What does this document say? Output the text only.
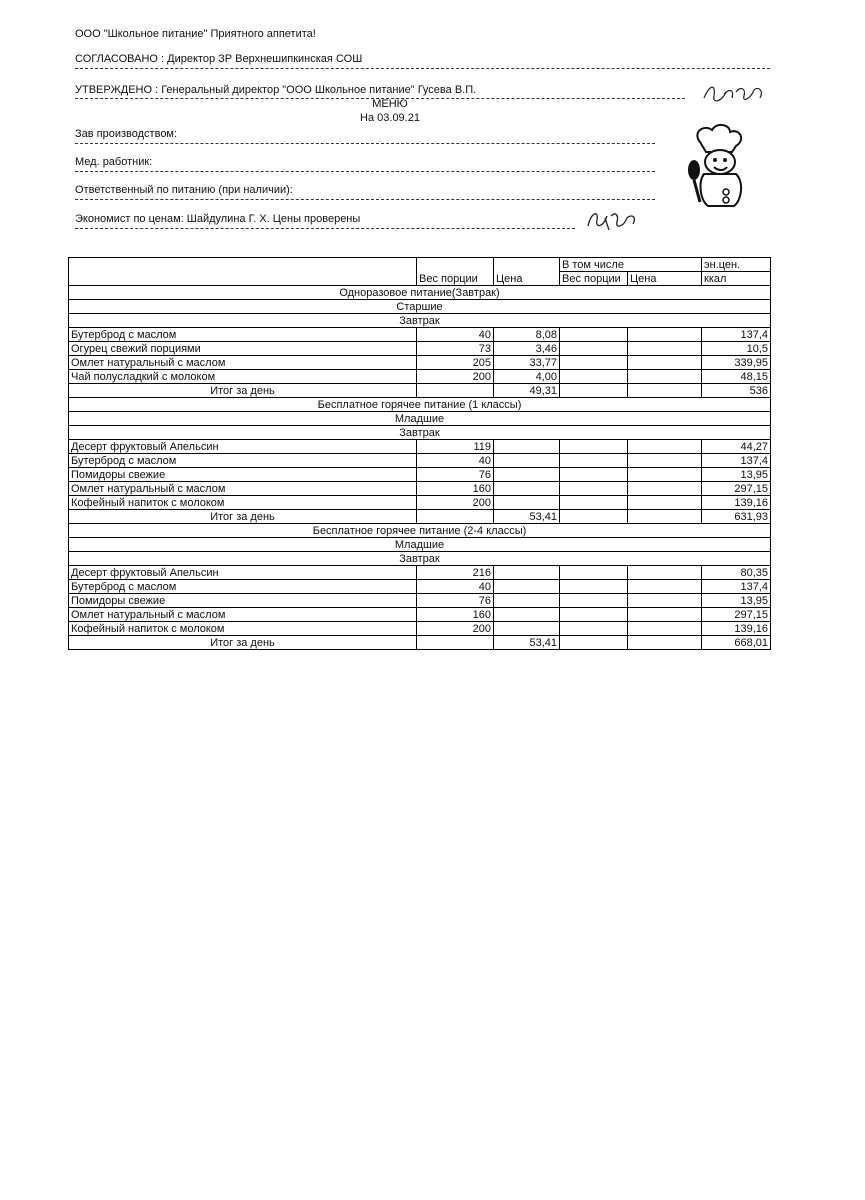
ООО "Школьное питание" Приятного аппетита!
СОГЛАСОВАНО : Директор ЗР Верхнешипкинская СОШ
УТВЕРЖДЕНО : Генеральный директор "ООО Школьное питание" Гусева В.П.
МЕНЮ
На 03.09.21
Зав производством:
Мед. работник:
Ответственный по питанию (при наличии):
Экономист по ценам: Шайдулина Г. Х. Цены проверены
	Вес порции	Цена	В том числе		эн.цен.
			Вес порции	Цена	ккал
Одноразовое питание(Завтрак)					
Старшие					
Завтрак					
Бутерброд с маслом	40	8,08			137,4
Огурец свежий порциями	73	3,46			10,5
Омлет натуральный с маслом	205	33,77			339,95
Чай полусладкий с молоком	200	4,00			48,15
Итог за день		49,31			536
Бесплатное горячее питание (1 классы)					
Младшие					
Завтрак					
Десерт фруктовый Апельсин	119				44,27
Бутерброд с маслом	40				137,4
Помидоры свежие	76				13,95
Омлет натуральный с маслом	160				297,15
Кофейный напиток с молоком	200				139,16
Итог за день		53,41			631,93
Бесплатное горячее питание (2-4 классы)					
Младшие					
Завтрак					
Десерт фруктовый Апельсин	216				80,35
Бутерброд с маслом	40				137,4
Помидоры свежие	76				13,95
Омлет натуральный с маслом	160				297,15
Кофейный напиток с молоком	200				139,16
Итог за день		53,41			668,01
